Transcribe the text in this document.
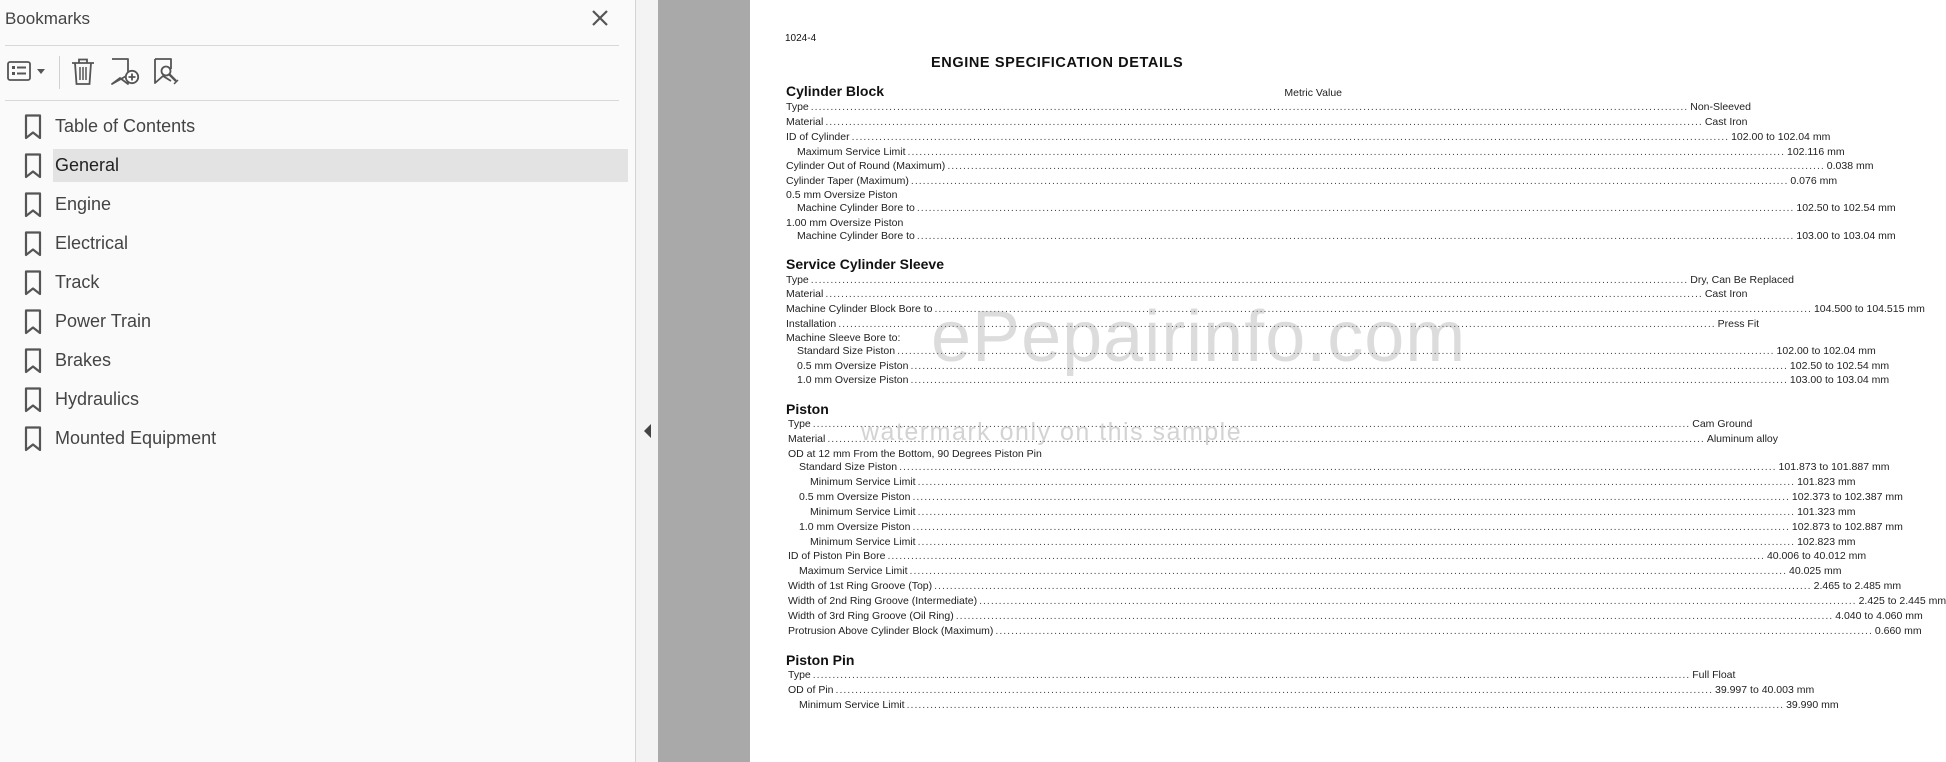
Bookmarks
Table of Contents
General
Engine
Electrical
Track
Power Train
Brakes
Hydraulics
Mounted Equipment
1024-4
ENGINE SPECIFICATION DETAILS
Cylinder Block	Metric Value
Type .....	Non-Sleeved
Material .....	Cast Iron
ID of Cylinder .....	102.00 to 102.04 mm
Maximum Service Limit .....	102.116 mm
Cylinder Out of Round (Maximum) .....	0.038 mm
Cylinder Taper (Maximum) .....	0.076 mm
0.5 mm Oversize Piston
Machine Cylinder Bore to .....	102.50 to 102.54 mm
1.00 mm Oversize Piston
Machine Cylinder Bore to .....	103.00 to 103.04 mm
Service Cylinder Sleeve
Type .....	Dry, Can Be Replaced
Material .....	Cast Iron
Machine Cylinder Block Bore to .....	104.500 to 104.515 mm
Installation .....	Press Fit
Machine Sleeve Bore to:
Standard Size Piston .....	102.00 to 102.04 mm
0.5 mm Oversize Piston .....	102.50 to 102.54 mm
1.0 mm Oversize Piston .....	103.00 to 103.04 mm
Piston
Type .....	Cam Ground
Material .....	Aluminum alloy
OD at 12 mm From the Bottom, 90 Degrees Piston Pin
Standard Size Piston .....	101.873 to 101.887 mm
Minimum Service Limit .....	101.823 mm
0.5 mm Oversize Piston .....	102.373 to 102.387 mm
Minimum Service Limit .....	101.323 mm
1.0 mm Oversize Piston .....	102.873 to 102.887 mm
Minimum Service Limit .....	102.823 mm
ID of Piston Pin Bore .....	40.006 to 40.012 mm
Maximum Service Limit .....	40.025 mm
Width of 1st Ring Groove (Top) .....	2.465 to 2.485 mm
Width of 2nd Ring Groove (Intermediate) .....	2.425 to 2.445 mm
Width of 3rd Ring Groove (Oil Ring) .....	4.040 to 4.060 mm
Protrusion Above Cylinder Block (Maximum) .....	0.660 mm
Piston Pin
Type .....	Full Float
OD of Pin .....	39.997 to 40.003 mm
Minimum Service Limit .....	39.990 mm
ePepairinfo.com
watermark only on this sample
